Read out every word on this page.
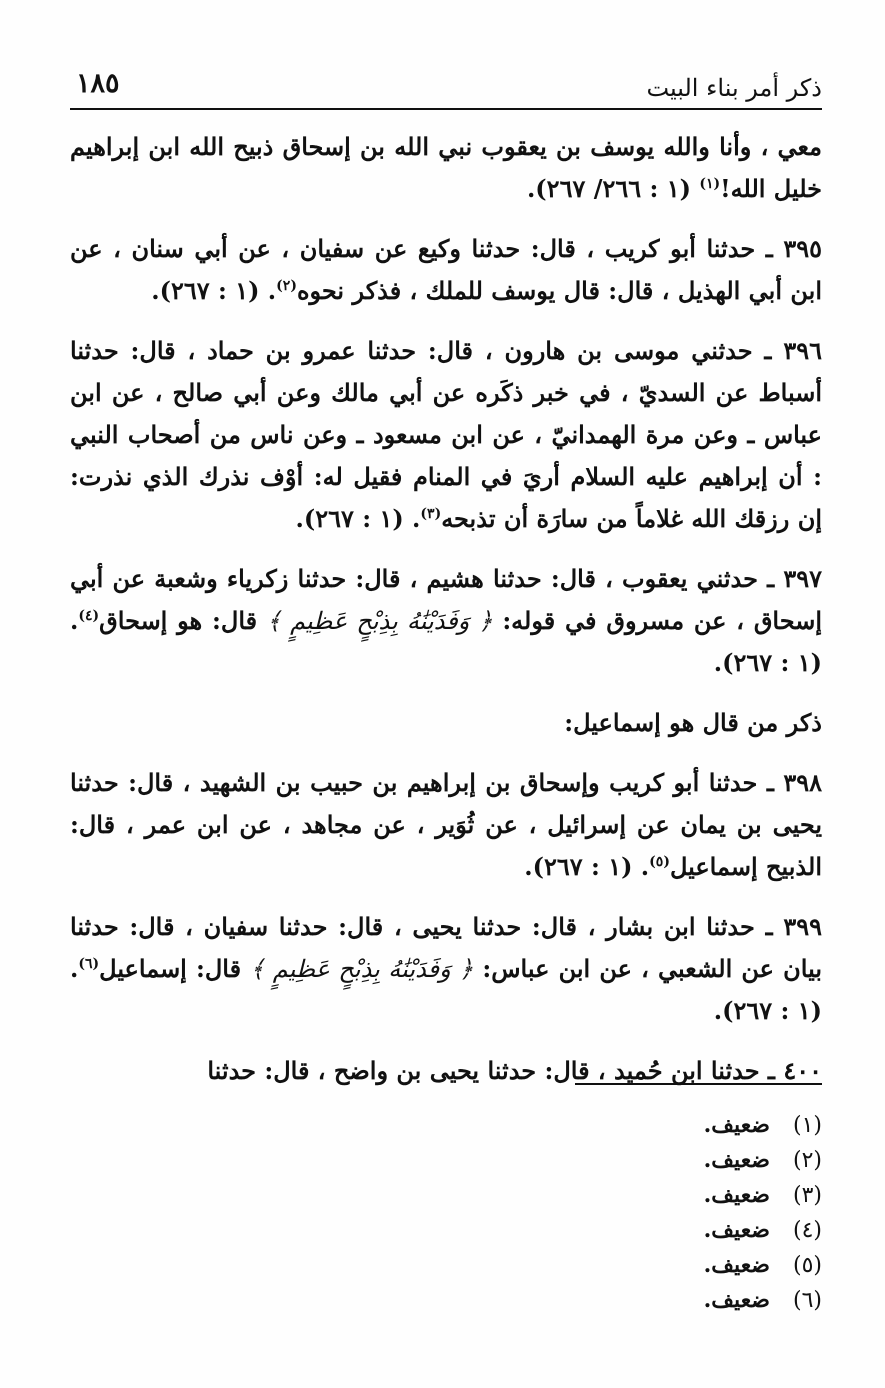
ذكر أمر بناء البيت
١٨٥

معي ، وأنا والله يوسف بن يعقوب نبي الله بن إسحاق ذبيح الله ابن إبراهيم خليل الله!$^{(١)}$ (١ : ٢٦٦/ ٢٦٧).

٣٩٥ ـ حدثنا أبو كريب ، قال: حدثنا وكيع عن سفيان ، عن أبي سنان ، عن ابن أبي الهذيل ، قال: قال يوسف للملك ، فذكر نحوه$^{(٢)}$. (١ : ٢٦٧).

٣٩٦ ـ حدثني موسى بن هارون ، قال: حدثنا عمرو بن حماد ، قال: حدثنا أسباط عن السديّ ، في خبر ذكَره عن أبي مالك وعن أبي صالح ، عن ابن عباس ـ وعن مرة الهمدانيّ ، عن ابن مسعود ـ وعن ناس من أصحاب النبي : أن إبراهيم عليه السلام أريَ في المنام فقيل له: أوْف نذرك الذي نذرت: إن رزقك الله غلاماً من سارَة أن تذبحه$^{(٣)}$. (١ : ٢٦٧).

٣٩٧ ـ حدثني يعقوب ، قال: حدثنا هشيم ، قال: حدثنا زكرياء وشعبة عن أبي إسحاق ، عن مسروق في قوله: ﴿ وَفَدَيْنَٰهُ بِذِبْحٍ عَظِيمٍ ﴾ قال: هو إسحاق$^{(٤)}$. (١ : ٢٦٧).

ذكر من قال هو إسماعيل:

٣٩٨ ـ حدثنا أبو كريب وإسحاق بن إبراهيم بن حبيب بن الشهيد ، قال: حدثنا يحيى بن يمان عن إسرائيل ، عن ثُوَير ، عن مجاهد ، عن ابن عمر ، قال: الذبيح إسماعيل$^{(٥)}$. (١ : ٢٦٧).

٣٩٩ ـ حدثنا ابن بشار ، قال: حدثنا يحيى ، قال: حدثنا سفيان ، قال: حدثنا بيان عن الشعبي ، عن ابن عباس: ﴿ وَفَدَيْنَٰهُ بِذِبْحٍ عَظِيمٍ ﴾ قال: إسماعيل$^{(٦)}$. (١ : ٢٦٧).

٤٠٠ ـ حدثنا ابن حُميد ، قال: حدثنا يحيى بن واضح ، قال: حدثنا

(١)ضعيف.
(٢)ضعيف.
(٣)ضعيف.
(٤)ضعيف.
(٥)ضعيف.
(٦)ضعيف.
